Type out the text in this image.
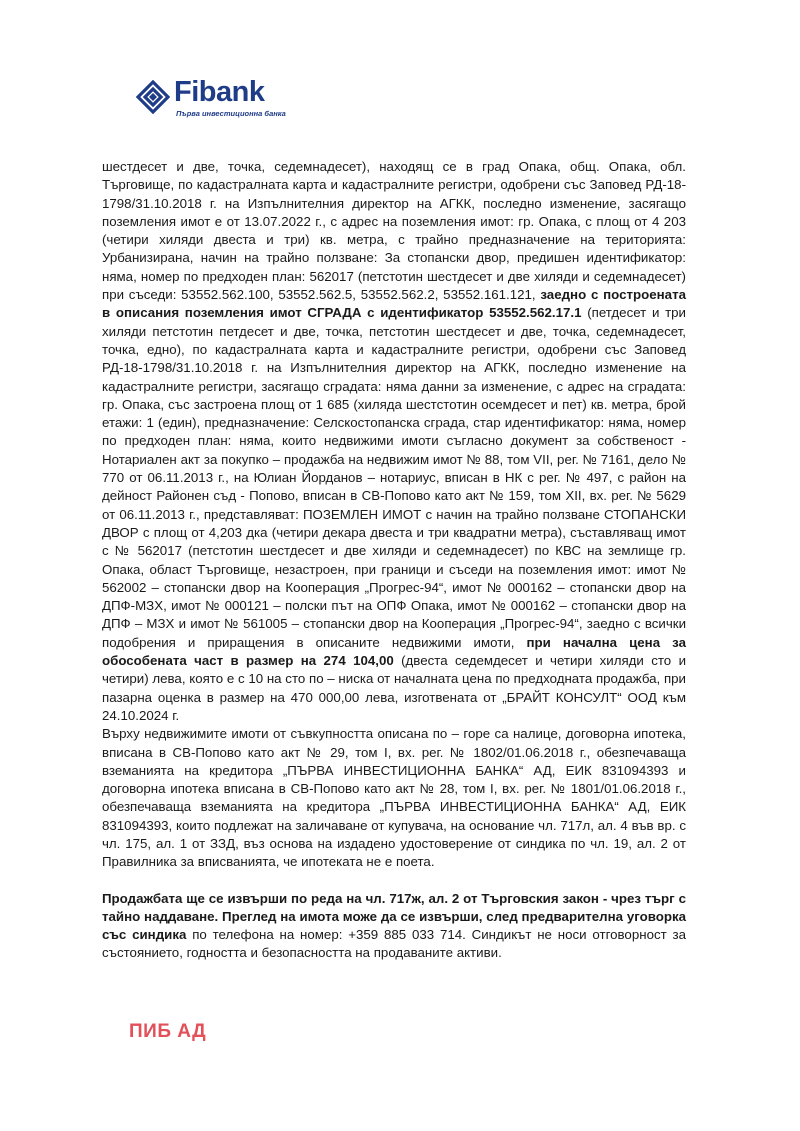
Fibank
Първа инвестиционна банка

шестдесет и две, точка, седемнадесет), находящ се в град Опака, общ. Опака, обл. Търговище, по кадастралната карта и кадастралните регистри, одобрени със Заповед РД-18-1798/31.10.2018 г. на Изпълнителния директор на АГКК, последно изменение, засягащо поземления имот е от 13.07.2022 г., с адрес на поземления имот: гр. Опака, с площ от 4 203 (четири хиляди двеста и три) кв. метра, с трайно предназначение на територията: Урбанизирана, начин на трайно ползване: За стопански двор, предишен идентификатор: няма, номер по предходен план: 562017 (петстотин шестдесет и две хиляди и седемнадесет) при съседи: 53552.562.100, 53552.562.5, 53552.562.2, 53552.161.121, заедно с построената в описания поземления имот СГРАДА с идентификатор 53552.562.17.1 (петдесет и три хиляди петстотин петдесет и две, точка, петстотин шестдесет и две, точка, седемнадесет, точка, едно), по кадастралната карта и кадастралните регистри, одобрени със Заповед РД-18-1798/31.10.2018 г. на Изпълнителния директор на АГКК, последно изменение на кадастралните регистри, засягащо сградата: няма данни за изменение, с адрес на сградата: гр. Опака, със застроена площ от 1 685 (хиляда шестстотин осемдесет и пет) кв. метра, брой етажи: 1 (един), предназначение: Селскостопанска сграда, стар идентификатор: няма, номер по предходен план: няма, които недвижими имоти съгласно документ за собственост - Нотариален акт за покупко – продажба на недвижим имот № 88, том VII, рег. № 7161, дело № 770 от 06.11.2013 г., на Юлиан Йорданов – нотариус, вписан в НК с рег. № 497, с район на дейност Районен съд - Попово, вписан в СВ-Попово като акт № 159, том XII, вх. рег. № 5629 от 06.11.2013 г., представляват: ПОЗЕМЛЕН ИМОТ с начин на трайно ползване СТОПАНСКИ ДВОР с площ от 4,203 дка (четири декара двеста и три квадратни метра), съставляващ имот с № 562017 (петстотин шестдесет и две хиляди и седемнадесет) по КВС на землище гр. Опака, област Търговище, незастроен, при граници и съседи на поземления имот: имот № 562002 – стопански двор на Кооперация „Прогрес-94“, имот № 000162 – стопански двор на ДПФ-МЗХ, имот № 000121 – полски път на ОПФ Опака, имот № 000162 – стопански двор на ДПФ – МЗХ и имот № 561005 – стопански двор на Кооперация „Прогрес-94“, заедно с всички подобрения и приращения в описаните недвижими имоти, при начална цена за обособената част в размер на 274 104,00 (двеста седемдесет и четири хиляди сто и четири) лева, която е с 10 на сто по – ниска от началната цена по предходната продажба, при пазарна оценка в размер на 470 000,00 лева, изготвената от „БРАЙТ КОНСУЛТ“ ООД към 24.10.2024 г.

Върху недвижимите имоти от съвкупността описана по – горе са налице, договорна ипотека, вписана в СВ-Попово като акт № 29, том I, вх. рег. № 1802/01.06.2018 г., обезпечаваща вземанията на кредитора „ПЪРВА ИНВЕСТИЦИОННА БАНКА“ АД, ЕИК 831094393 и договорна ипотека вписана в СВ-Попово като акт № 28, том I, вх. рег. № 1801/01.06.2018 г., обезпечаваща вземанията на кредитора „ПЪРВА ИНВЕСТИЦИОННА БАНКА“ АД, ЕИК 831094393, които подлежат на заличаване от купувача, на основание чл. 717л, ал. 4 във вр. с чл. 175, ал. 1 от ЗЗД, въз основа на издадено удостоверение от синдика по чл. 19, ал. 2 от Правилника за вписванията, че ипотеката не е поета.

Продажбата ще се извърши по реда на чл. 717ж, ал. 2 от Търговския закон - чрез търг с тайно наддаване. Преглед на имота може да се извърши, след предварителна уговорка със синдика по телефона на номер: +359 885 033 714. Синдикът не носи отговорност за състоянието, годността и безопасността на продаваните активи.

ПИБ АД
